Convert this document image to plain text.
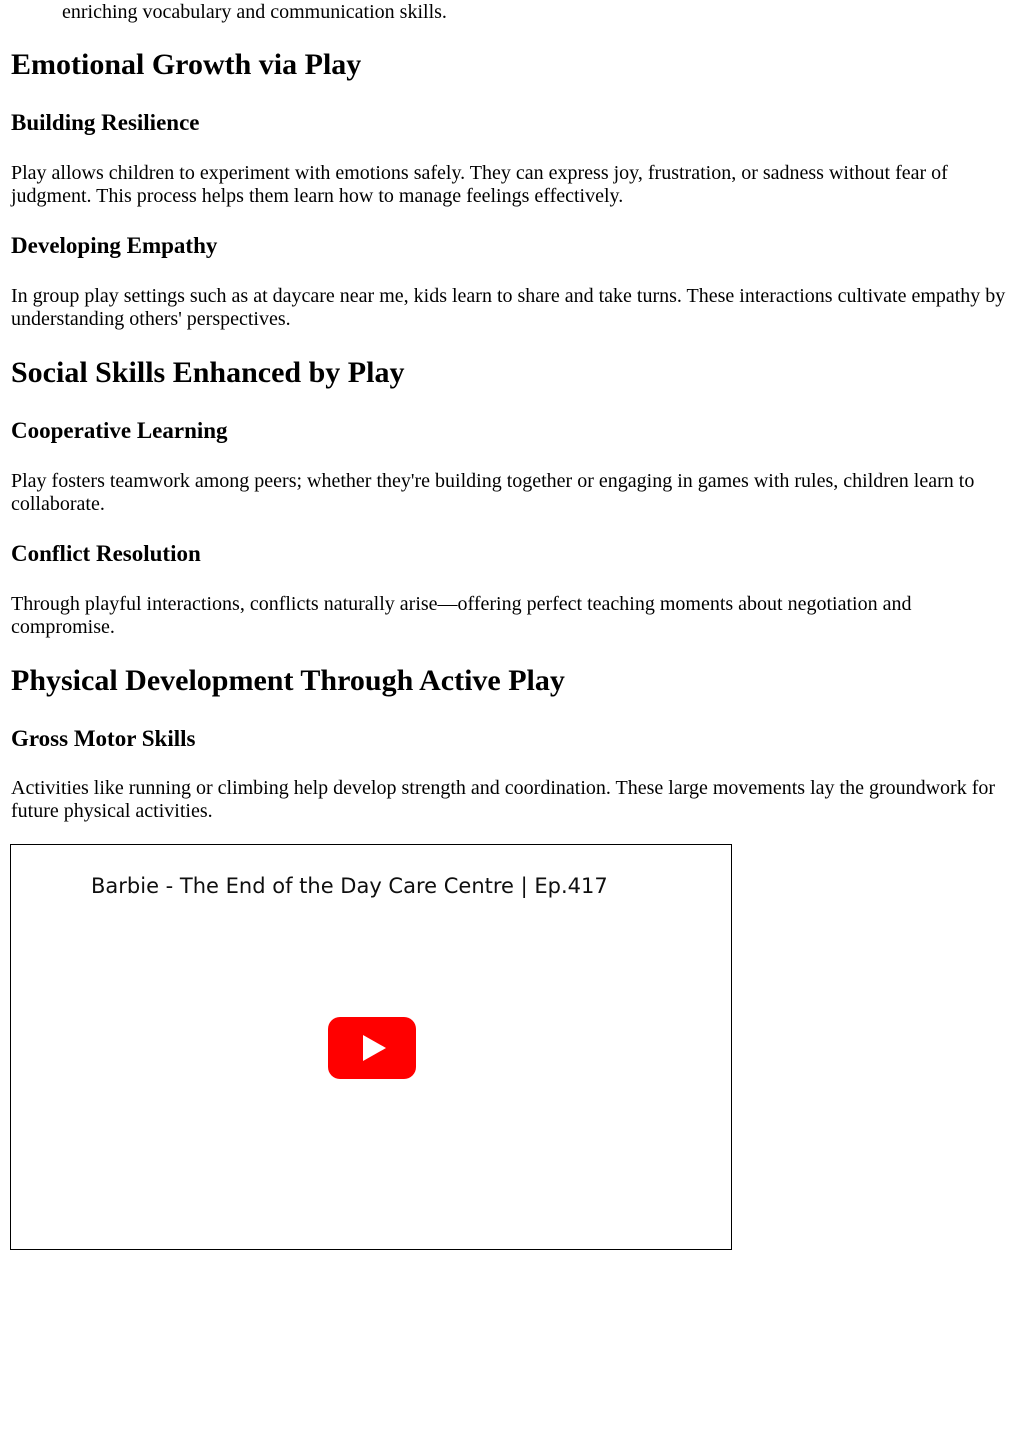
enriching vocabulary and communication skills.
Emotional Growth via Play
Building Resilience

Play allows children to experiment with emotions safely. They can express joy, frustration, or sadness without fear of judgment. This process helps them learn how to manage feelings effectively.

Developing Empathy

In group play settings such as at daycare near me, kids learn to share and take turns. These interactions cultivate empathy by understanding others' perspectives.

Social Skills Enhanced by Play
Cooperative Learning

Play fosters teamwork among peers; whether they're building together or engaging in games with rules, children learn to collaborate.

Conflict Resolution

Through playful interactions, conflicts naturally arise—offering perfect teaching moments about negotiation and compromise.

Physical Development Through Active Play
Gross Motor Skills

Activities like running or climbing help develop strength and coordination. These large movements lay the groundwork for future physical activities.

Barbie - The End of the Day Care Centre | Ep.417
